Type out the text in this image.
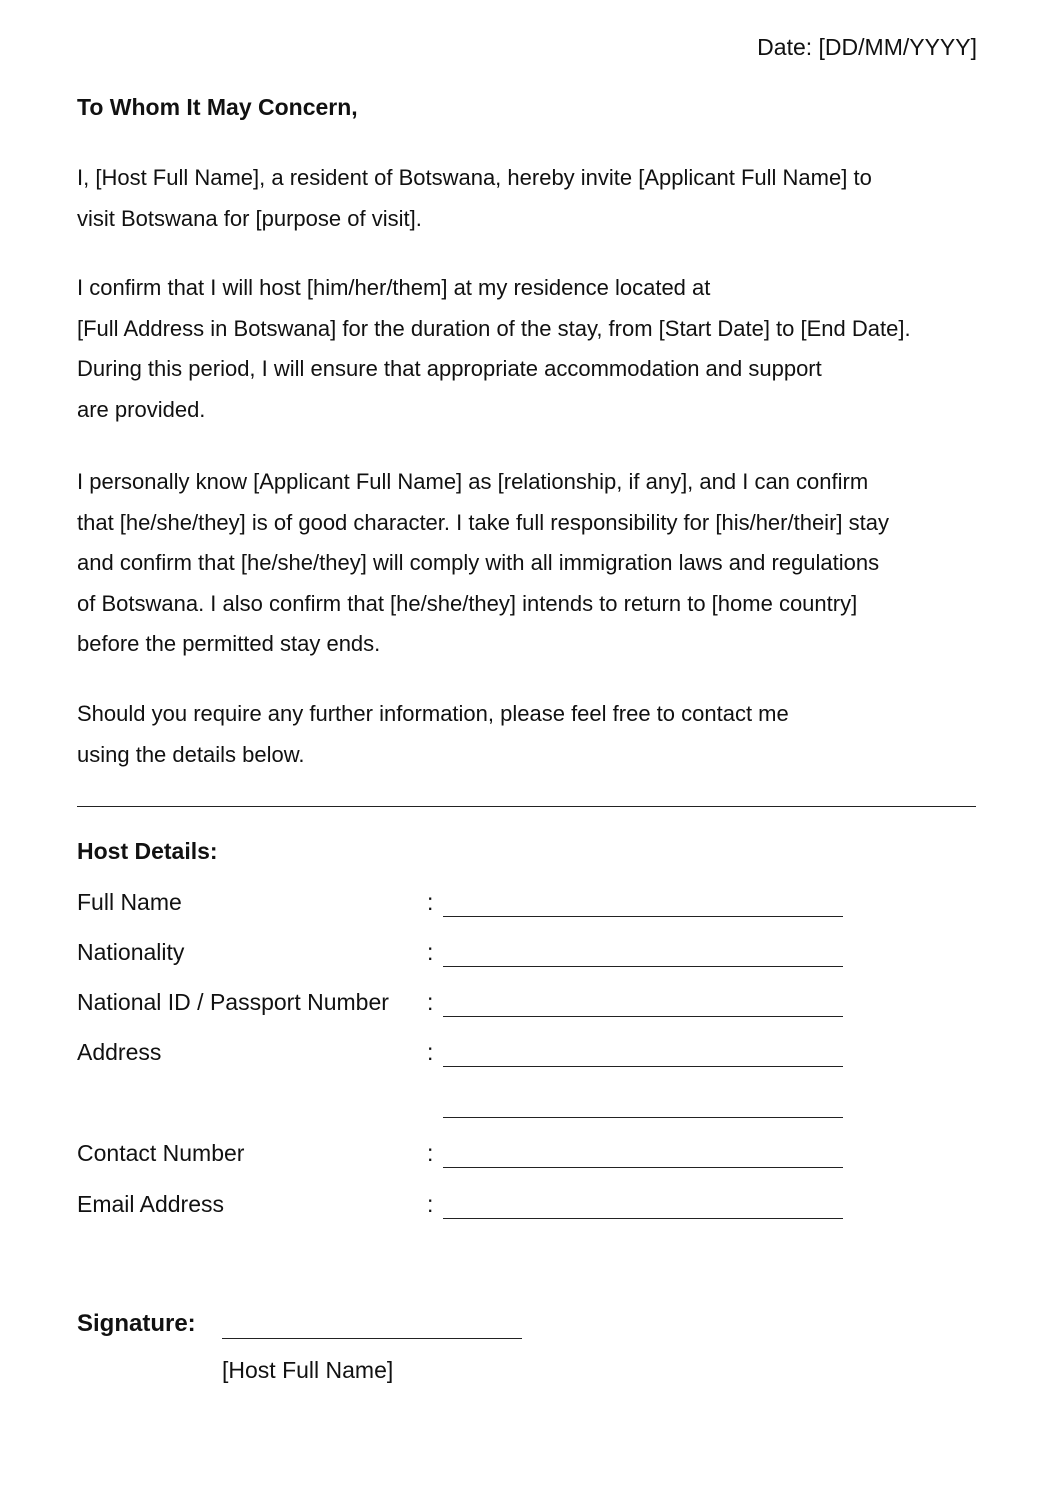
Date: [DD/MM/YYYY]
To Whom It May Concern,
I, [Host Full Name], a resident of Botswana, hereby invite [Applicant Full Name] to
visit Botswana for [purpose of visit].
I confirm that I will host [him/her/them] at my residence located at
[Full Address in Botswana] for the duration of the stay, from [Start Date] to [End Date].
During this period, I will ensure that appropriate accommodation and support
are provided.
I personally know [Applicant Full Name] as [relationship, if any], and I can confirm
that [he/she/they] is of good character. I take full responsibility for [his/her/their] stay
and confirm that [he/she/they] will comply with all immigration laws and regulations
of Botswana. I also confirm that [he/she/they] intends to return to [home country]
before the permitted stay ends.
Should you require any further information, please feel free to contact me
using the details below.
Host Details:
Full Name	:
Nationality	:
National ID / Passport Number :
Address	:
Contact Number	:
Email Address	:
Signature:
[Host Full Name]
